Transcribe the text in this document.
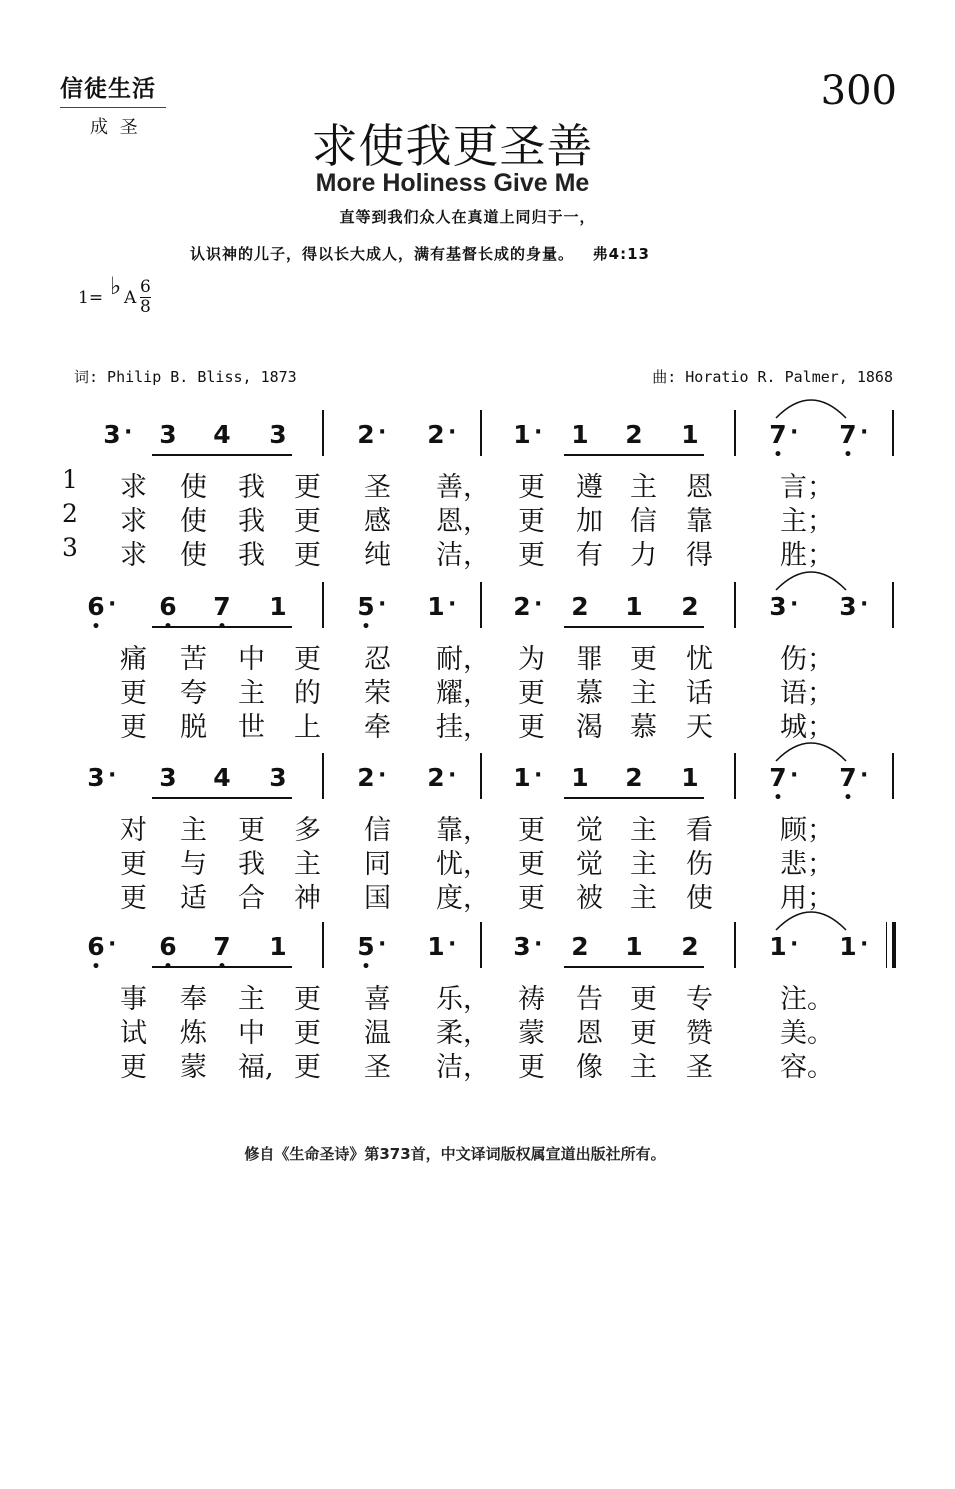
信徒生活
成 圣
300
求使我更圣善
More Holiness Give Me
直等到我们众人在真道上同归于一，
认识神的儿子，得以长大成人，满有基督长成的身量。   弗4:13
1= ♭ A $\frac{6}{8}$
词: Philip B. Bliss, 1873	曲: Horatio R. Palmer, 1868
3 · 3 4 3	2 · 2 · 1 · 1 2 1	7 ·
•
7 ·
•
1 求 使 我 更 圣 善， 更 遵 主 恩 言；
2 求 使 我 更 感 恩， 更 加 信 靠 主；
3 求 使 我 更 纯 洁， 更 有 力 得 胜；
6 ·
•
6
•
7
•
1	5 ·
•
1 · 2 · 2 1 2	3 · 3 ·
痛 苦 中 更 忍 耐， 为 罪 更 忧 伤；
更 夸 主 的 荣 耀， 更 慕 主 话 语；
更 脱 世 上 牵 挂， 更 渴 慕 天 城；
3 · 3 4 3	2 · 2 · 1 · 1 2 1	7 ·
•
7 ·
•
对 主 更 多 信 靠， 更 觉 主 看 顾；
更 与 我 主 同 忧， 更 觉 主 伤 悲；
更 适 合 神 国 度， 更 被 主 使 用；
6 ·
•
6
•
7
•
1	5 ·
•
1 · 3 · 2 1 2	1 · 1 ·
事 奉 主 更 喜 乐， 祷 告 更 专 注。
试 炼 中 更 温 柔， 蒙 恩 更 赞 美。
更 蒙 福, 更 圣 洁， 更 像 主 圣 容。
修自《生命圣诗》第373首，中文译词版权属宣道出版社所有。
